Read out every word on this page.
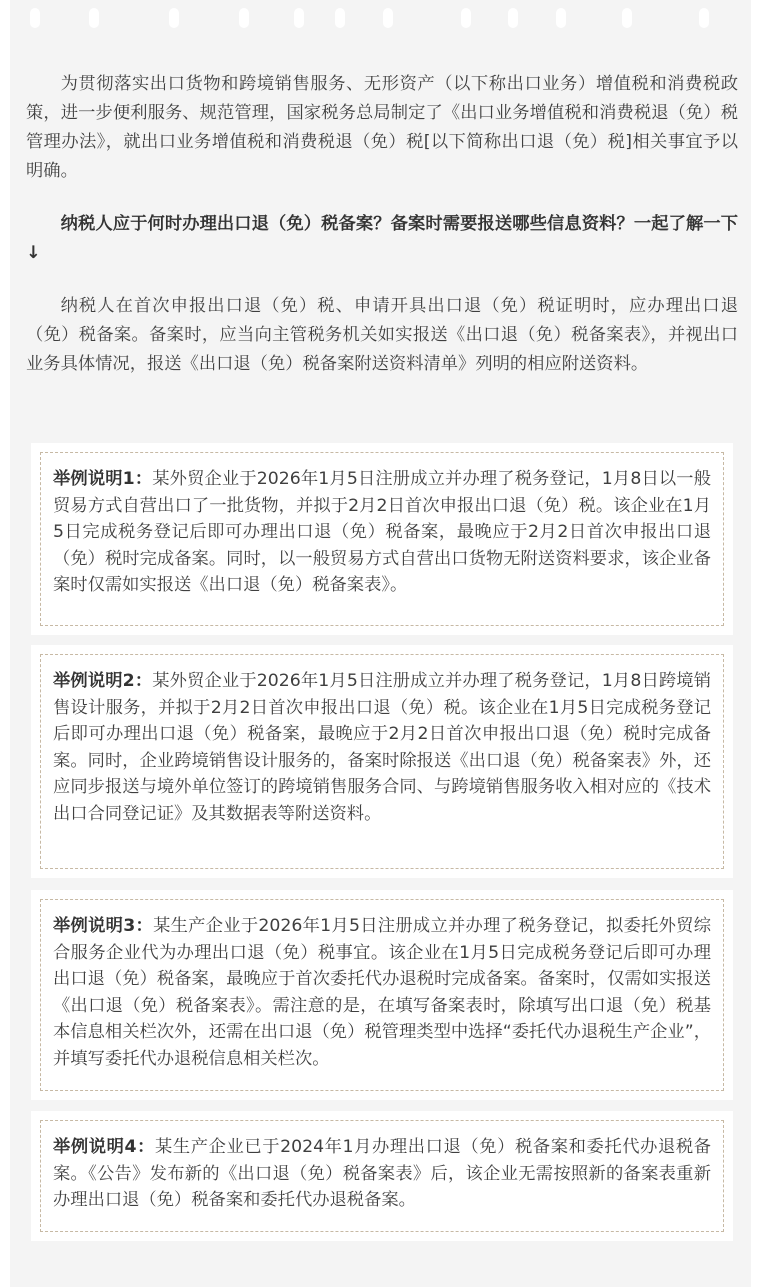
为贯彻落实出口货物和跨境销售服务、无形资产（以下称出口业务）增值税和消费税政策，进一步便利服务、规范管理，国家税务总局制定了《出口业务增值税和消费税退（免）税管理办法》，就出口业务增值税和消费税退（免）税[以下简称出口退（免）税]相关事宜予以明确。

纳税人应于何时办理出口退（免）税备案？备案时需要报送哪些信息资料？一起了解一下↓

纳税人在首次申报出口退（免）税、申请开具出口退（免）税证明时，应办理出口退（免）税备案。备案时，应当向主管税务机关如实报送《出口退（免）税备案表》，并视出口业务具体情况，报送《出口退（免）税备案附送资料清单》列明的相应附送资料。

举例说明1：某外贸企业于2026年1月5日注册成立并办理了税务登记，1月8日以一般贸易方式自营出口了一批货物，并拟于2月2日首次申报出口退（免）税。该企业在1月5日完成税务登记后即可办理出口退（免）税备案，最晚应于2月2日首次申报出口退（免）税时完成备案。同时，以一般贸易方式自营出口货物无附送资料要求，该企业备案时仅需如实报送《出口退（免）税备案表》。

举例说明2：某外贸企业于2026年1月5日注册成立并办理了税务登记，1月8日跨境销售设计服务，并拟于2月2日首次申报出口退（免）税。该企业在1月5日完成税务登记后即可办理出口退（免）税备案，最晚应于2月2日首次申报出口退（免）税时完成备案。同时，企业跨境销售设计服务的，备案时除报送《出口退（免）税备案表》外，还应同步报送与境外单位签订的跨境销售服务合同、与跨境销售服务收入相对应的《技术出口合同登记证》及其数据表等附送资料。

举例说明3：某生产企业于2026年1月5日注册成立并办理了税务登记，拟委托外贸综合服务企业代为办理出口退（免）税事宜。该企业在1月5日完成税务登记后即可办理出口退（免）税备案，最晚应于首次委托代办退税时完成备案。备案时，仅需如实报送《出口退（免）税备案表》。需注意的是，在填写备案表时，除填写出口退（免）税基本信息相关栏次外，还需在出口退（免）税管理类型中选择“委托代办退税生产企业”，并填写委托代办退税信息相关栏次。

举例说明4：某生产企业已于2024年1月办理出口退（免）税备案和委托代办退税备案。《公告》发布新的《出口退（免）税备案表》后，该企业无需按照新的备案表重新办理出口退（免）税备案和委托代办退税备案。
